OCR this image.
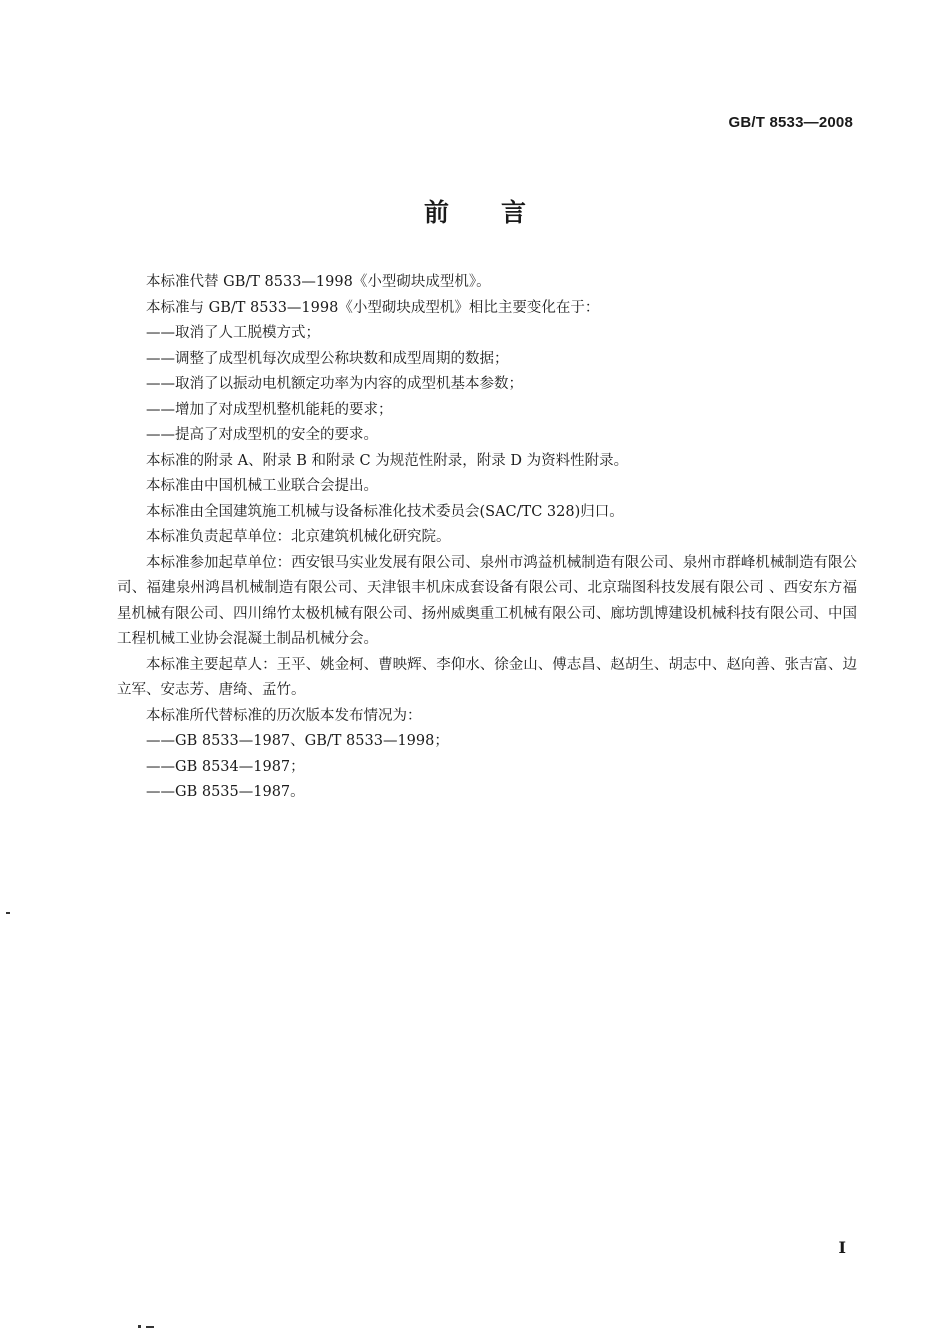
GB/T 8533—2008
前言

本标准代替 GB/T 8533—1998《小型砌块成型机》。

本标准与 GB/T 8533—1998《小型砌块成型机》相比主要变化在于：

——取消了人工脱模方式；

——调整了成型机每次成型公称块数和成型周期的数据；

——取消了以振动电机额定功率为内容的成型机基本参数；

——增加了对成型机整机能耗的要求；

——提高了对成型机的安全的要求。

本标准的附录 A、附录 B 和附录 C 为规范性附录，附录 D 为资料性附录。

本标准由中国机械工业联合会提出。

本标准由全国建筑施工机械与设备标准化技术委员会(SAC/TC 328)归口。

本标准负责起草单位：北京建筑机械化研究院。

本标准参加起草单位：西安银马实业发展有限公司、泉州市鸿益机械制造有限公司、泉州市群峰机械制造有限公司、福建泉州鸿昌机械制造有限公司、天津银丰机床成套设备有限公司、北京瑞图科技发展有限公司 、西安东方福星机械有限公司、四川绵竹太极机械有限公司、扬州威奥重工机械有限公司、廊坊凯博建设机械科技有限公司、中国工程机械工业协会混凝土制品机械分会。

本标准主要起草人：王平、姚金柯、曹映辉、李仰水、徐金山、傅志昌、赵胡生、胡志中、赵向善、张吉富、边立军、安志芳、唐绮、孟竹。

本标准所代替标准的历次版本发布情况为：

——GB 8533—1987、GB/T 8533—1998；

——GB 8534—1987；

——GB 8535—1987。

I
